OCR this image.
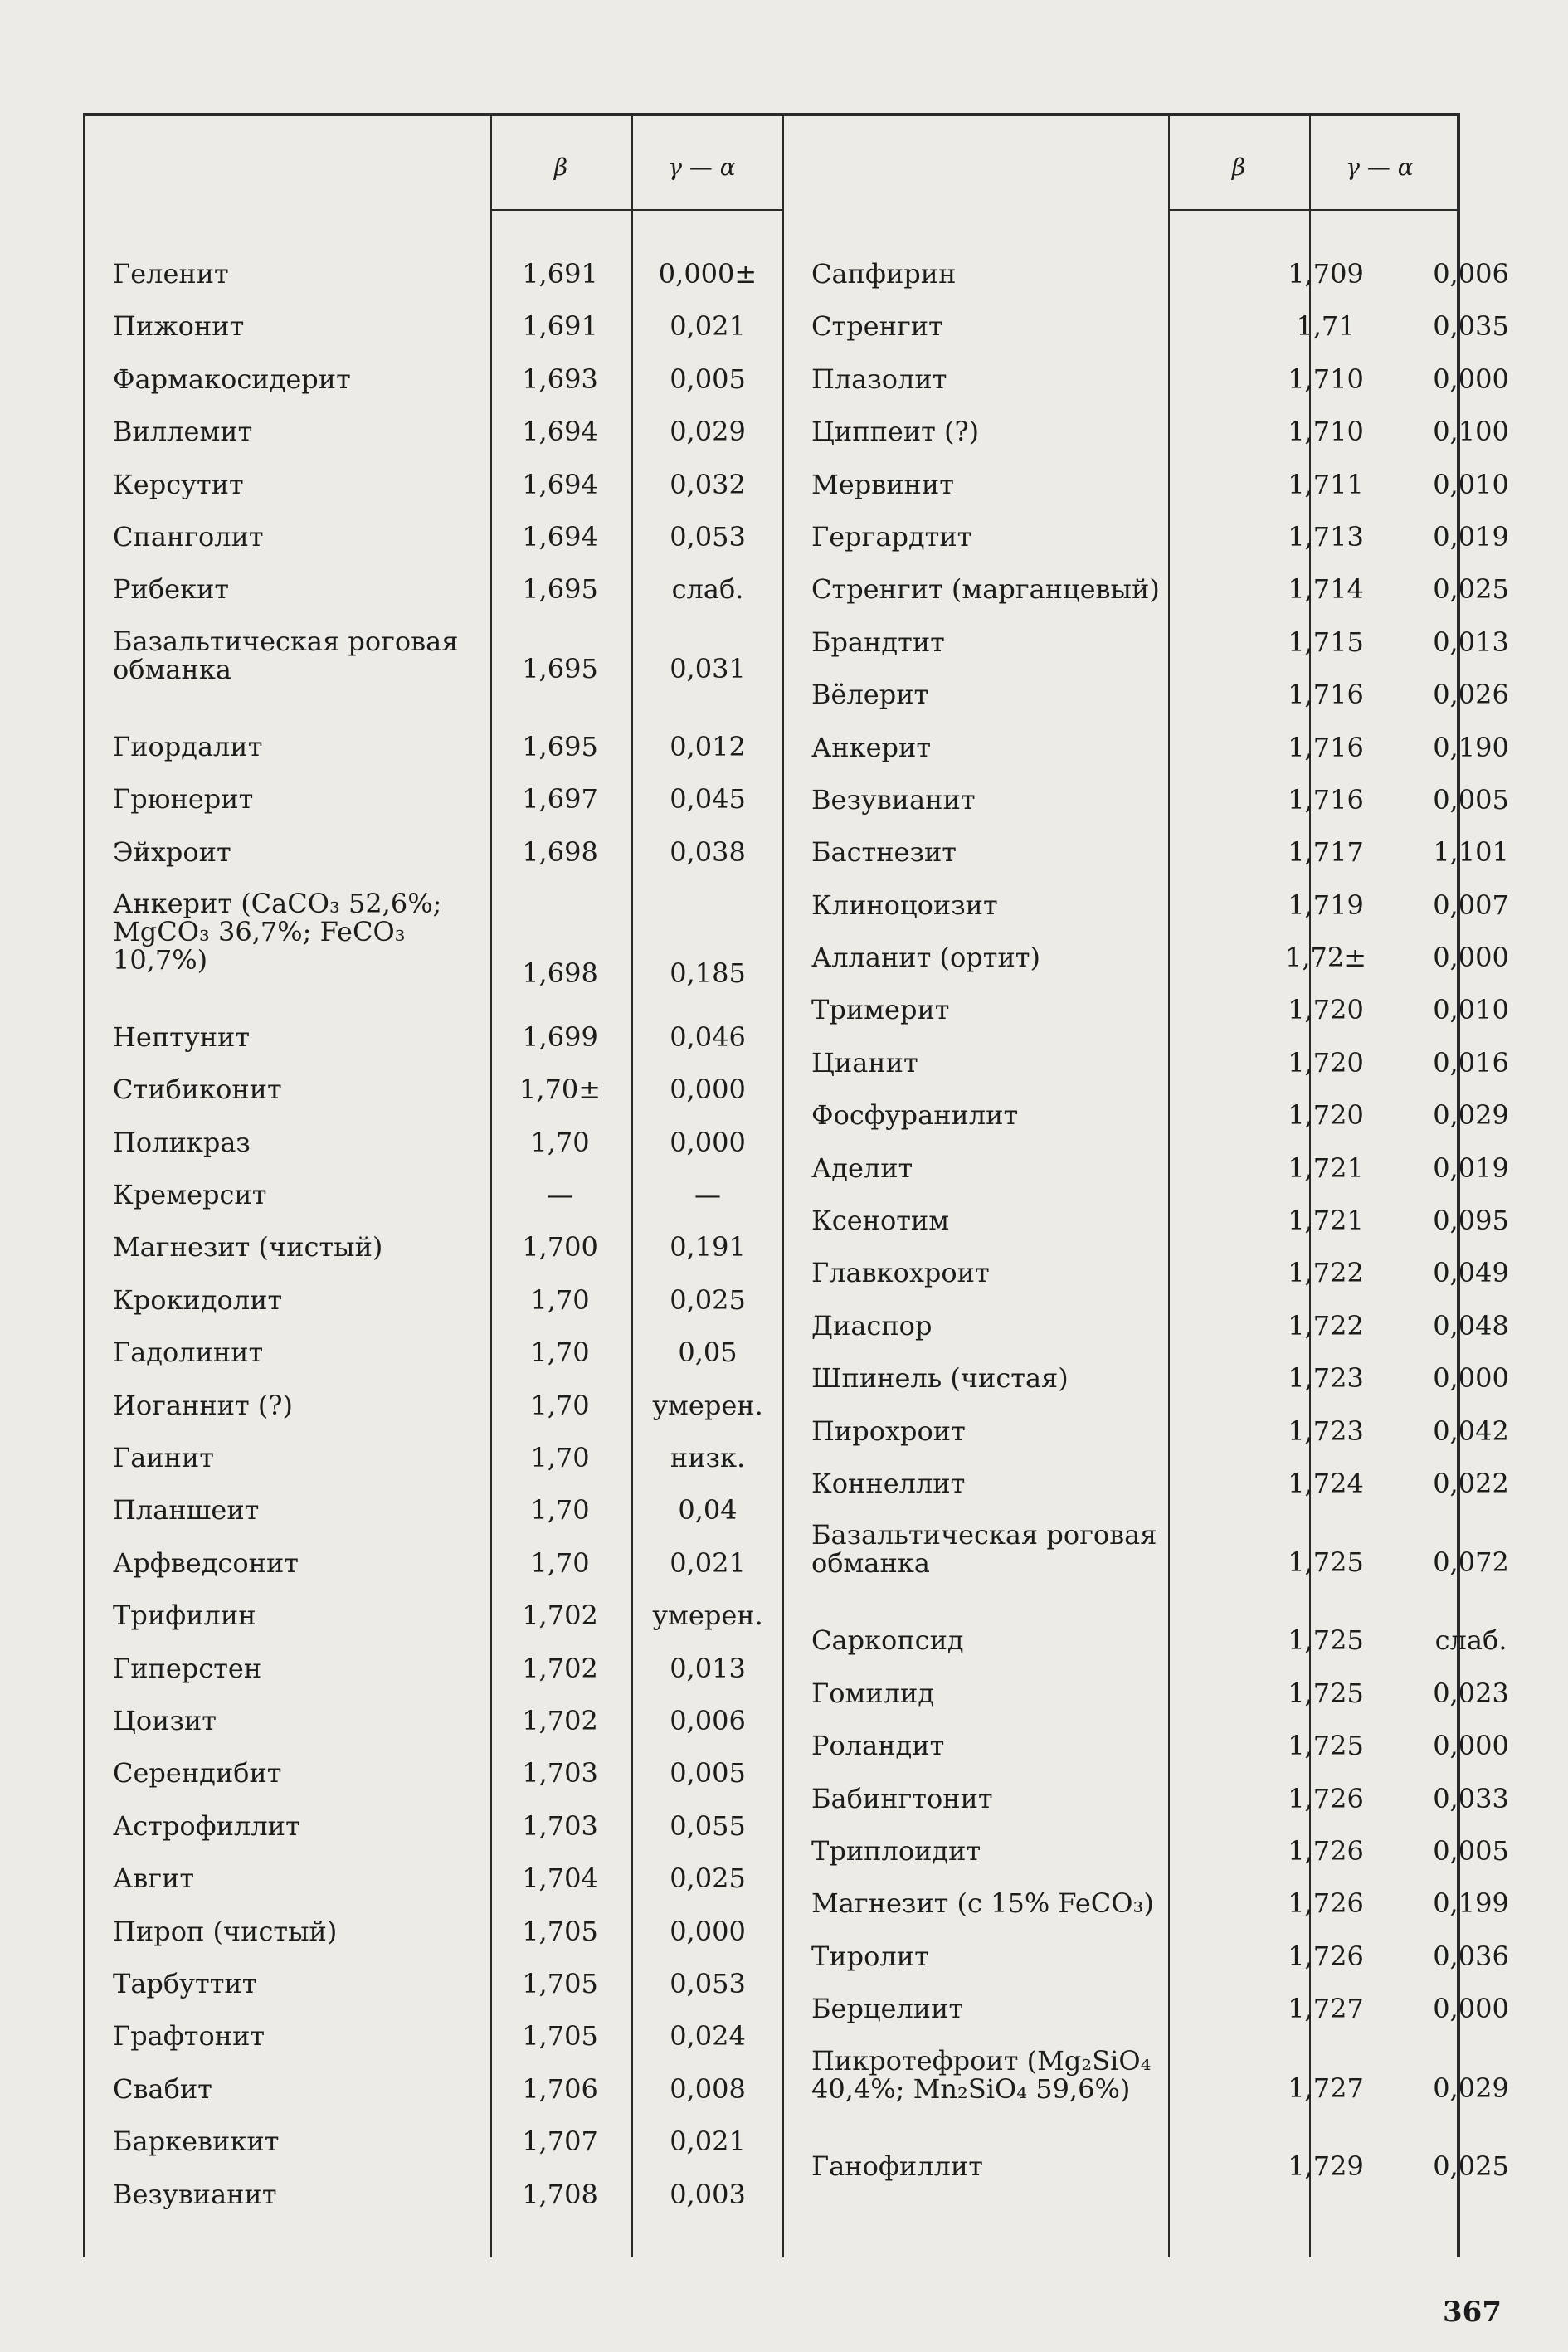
β	γ — α	β	γ — α
Геленит	1,691	0,000±
Пижонит	1,691	0,021
Фармакосидерит	1,693	0,005
Виллемит	1,694	0,029
Керсутит	1,694	0,032
Спанголит	1,694	0,053
Рибекит	1,695	слаб.
Базальтическая роговая обманка	1,695	0,031
Гиордалит	1,695	0,012
Грюнерит	1,697	0,045
Эйхроит	1,698	0,038
Анкерит (CaCO₃ 52,6%; MgCO₃ 36,7%; FeCO₃ 10,7%)	1,698	0,185
Нептунит	1,699	0,046
Стибиконит	1,70±	0,000
Поликраз	1,70	0,000
Кремерсит	—	—
Магнезит (чистый)	1,700	0,191
Крокидолит	1,70	0,025
Гадолинит	1,70	0,05
Иоганнит (?)	1,70	умерен.
Гаинит	1,70	низк.
Планшеит	1,70	0,04
Арфведсонит	1,70	0,021
Трифилин	1,702	умерен.
Гиперстен	1,702	0,013
Цоизит	1,702	0,006
Серендибит	1,703	0,005
Астрофиллит	1,703	0,055
Авгит	1,704	0,025
Пироп (чистый)	1,705	0,000
Тарбуттит	1,705	0,053
Графтонит	1,705	0,024
Свабит	1,706	0,008
Баркевикит	1,707	0,021
Везувианит	1,708	0,003
Сапфирин	1,709	0,006
Стренгит	1,71	0,035
Плазолит	1,710	0,000
Циппеит (?)	1,710	0,100
Мервинит	1,711	0,010
Гергардтит	1,713	0,019
Стренгит (марганцевый)	1,714	0,025
Брандтит	1,715	0,013
Вёлерит	1,716	0,026
Анкерит	1,716	0,190
Везувианит	1,716	0,005
Бастнезит	1,717	1,101
Клиноцоизит	1,719	0,007
Алланит (ортит)	1,72±	0,000
Тримерит	1,720	0,010
Цианит	1,720	0,016
Фосфуранилит	1,720	0,029
Аделит	1,721	0,019
Ксенотим	1,721	0,095
Главкохроит	1,722	0,049
Диаспор	1,722	0,048
Шпинель (чистая)	1,723	0,000
Пирохроит	1,723	0,042
Коннеллит	1,724	0,022
Базальтическая роговая обманка	1,725	0,072
Саркопсид	1,725	слаб.
Гомилид	1,725	0,023
Роландит	1,725	0,000
Бабингтонит	1,726	0,033
Триплоидит	1,726	0,005
Магнезит (с 15% FeCO₃)	1,726	0,199
Тиролит	1,726	0,036
Берцелиит	1,727	0,000
Пикротефроит (Mg₂SiO₄ 40,4%; Mn₂SiO₄ 59,6%)	1,727	0,029
Ганофиллит	1,729	0,025
367
